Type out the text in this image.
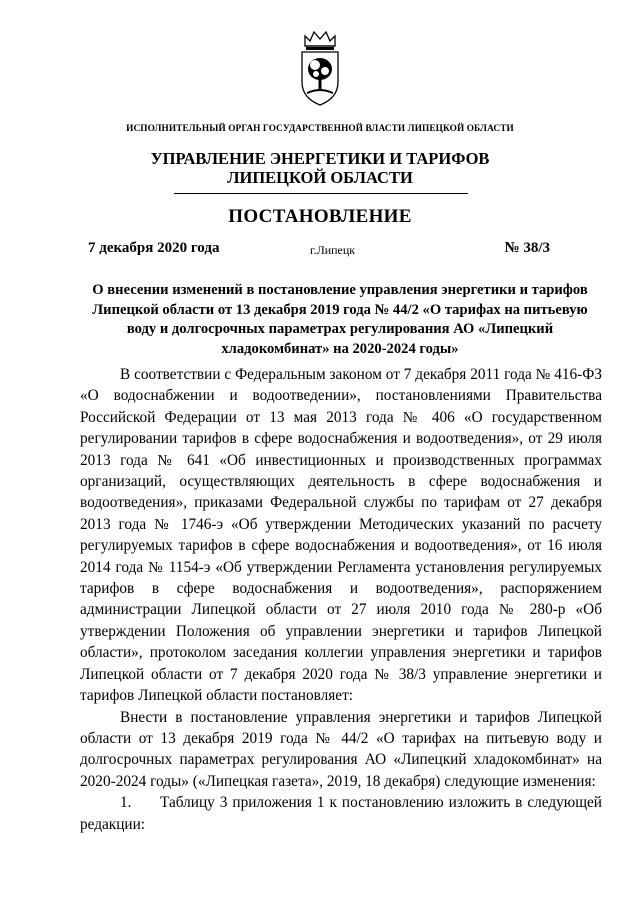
ИСПОЛНИТЕЛЬНЫЙ ОРГАН ГОСУДАРСТВЕННОЙ ВЛАСТИ ЛИПЕЦКОЙ ОБЛАСТИ
УПРАВЛЕНИЕ ЭНЕРГЕТИКИ И ТАРИФОВ
ЛИПЕЦКОЙ ОБЛАСТИ
ПОСТАНОВЛЕНИЕ
7 декабря 2020 года	г.Липецк	№ 38/3
О внесении изменений в постановление управления энергетики и тарифов Липецкой области от 13 декабря 2019 года № 44/2 «О тарифах на питьевую воду и долгосрочных параметрах регулирования АО «Липецкий хладокомбинат» на 2020-2024 годы»

В соответствии с Федеральным законом от 7 декабря 2011 года № 416-ФЗ «О водоснабжении и водоотведении», постановлениями Правительства Российской Федерации от 13 мая 2013 года № 406 «О государственном регулировании тарифов в сфере водоснабжения и водоотведения», от 29 июля 2013 года № 641 «Об инвестиционных и производственных программах организаций, осуществляющих деятельность в сфере водоснабжения и водоотведения», приказами Федеральной службы по тарифам от 27 декабря 2013 года № 1746-э «Об утверждении Методических указаний по расчету регулируемых тарифов в сфере водоснабжения и водоотведения», от 16 июля 2014 года № 1154-э «Об утверждении Регламента установления регулируемых тарифов в сфере водоснабжения и водоотведения», распоряжением администрации Липецкой области от 27 июля 2010 года № 280-р «Об утверждении Положения об управлении энергетики и тарифов Липецкой области», протоколом заседания коллегии управления энергетики и тарифов Липецкой области от 7 декабря 2020 года № 38/3 управление энергетики и тарифов Липецкой области постановляет:

Внести в постановление управления энергетики и тарифов Липецкой области от 13 декабря 2019 года № 44/2 «О тарифах на питьевую воду и долгосрочных параметрах регулирования АО «Липецкий хладокомбинат» на 2020-2024 годы» («Липецкая газета», 2019, 18 декабря) следующие изменения:

1. Таблицу 3 приложения 1 к постановлению изложить в следующей редакции:
